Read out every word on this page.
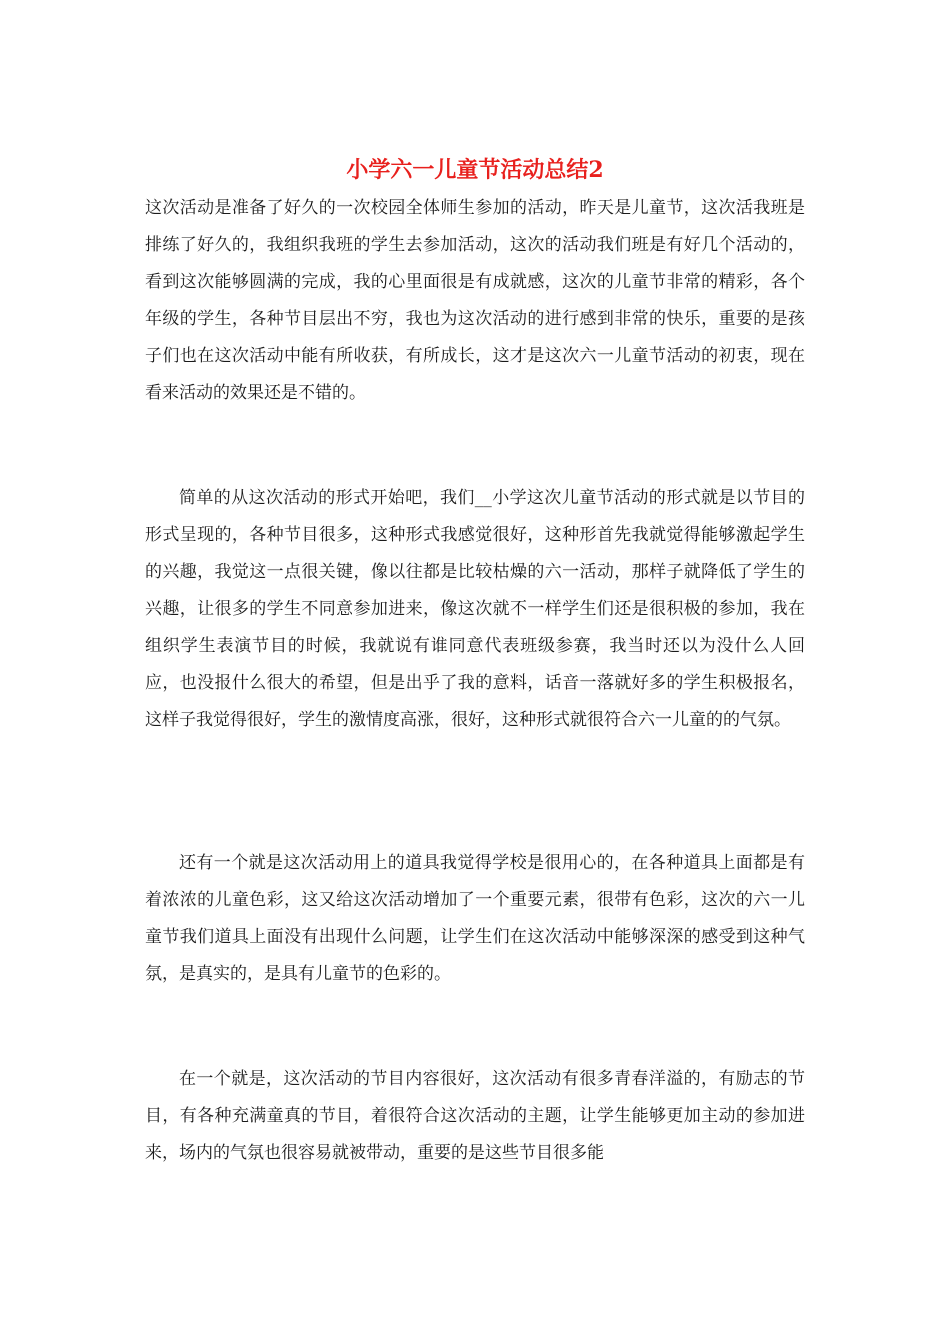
小学六一儿童节活动总结2

这次活动是准备了好久的一次校园全体师生参加的活动，昨天是儿童节，这次活我班是排练了好久的，我组织我班的学生去参加活动，这次的活动我们班是有好几个活动的，看到这次能够圆满的完成，我的心里面很是有成就感，这次的儿童节非常的精彩，各个年级的学生，各种节目层出不穷，我也为这次活动的进行感到非常的快乐，重要的是孩子们也在这次活动中能有所收获，有所成长，这才是这次六一儿童节活动的初衷，现在看来活动的效果还是不错的。

简单的从这次活动的形式开始吧，我们__小学这次儿童节活动的形式就是以节目的形式呈现的，各种节目很多，这种形式我感觉很好，这种形首先我就觉得能够激起学生的兴趣，我觉这一点很关键，像以往都是比较枯燥的六一活动，那样子就降低了学生的兴趣，让很多的学生不同意参加进来，像这次就不一样学生们还是很积极的参加，我在组织学生表演节目的时候，我就说有谁同意代表班级参赛，我当时还以为没什么人回应，也没报什么很大的希望，但是出乎了我的意料，话音一落就好多的学生积极报名，这样子我觉得很好，学生的激情度高涨，很好，这种形式就很符合六一儿童的的气氛。

还有一个就是这次活动用上的道具我觉得学校是很用心的，在各种道具上面都是有着浓浓的儿童色彩，这又给这次活动增加了一个重要元素，很带有色彩，这次的六一儿童节我们道具上面没有出现什么问题，让学生们在这次活动中能够深深的感受到这种气氛，是真实的，是具有儿童节的色彩的。

在一个就是，这次活动的节目内容很好，这次活动有很多青春洋溢的，有励志的节目，有各种充满童真的节目，着很符合这次活动的主题，让学生能够更加主动的参加进来，场内的气氛也很容易就被带动，重要的是这些节目很多能
